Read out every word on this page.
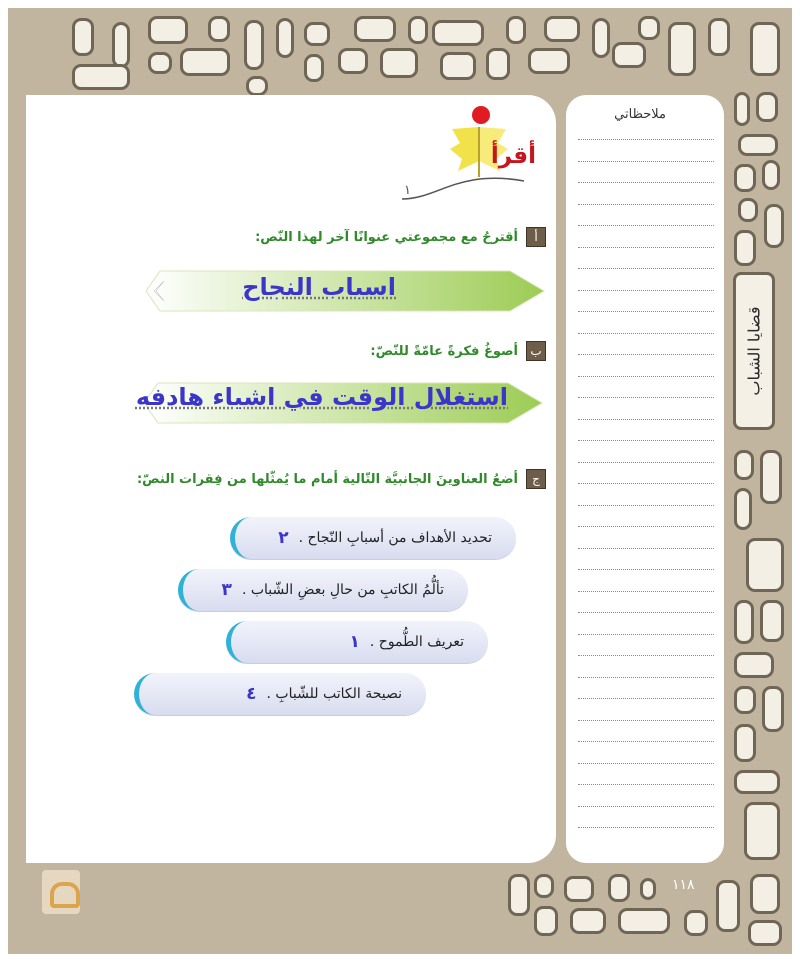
أقرأ
١
أ
أقترحُ مع مجموعتي عنوانًا آخر لهذا النّص:
اسباب النجاح
ب
أصوغُ فكرةً عامّةً للنّصّ:
استغلال الوقت في اشياء هادفه
ج
أضعُ العناوينَ الجانبيَّة التّالية أمام ما يُمثّلها من فِقرات النصّ:
تحديد الأهداف من أسبابِ النّجاح .
٢
تألُّمُ الكاتبِ من حالِ بعضِ الشّباب .
٣
تعريف الطُّموح .
١
نصيحة الكاتب للشّبابِ .
٤
ملاحظاتي
قضايا الشباب
١١٨
